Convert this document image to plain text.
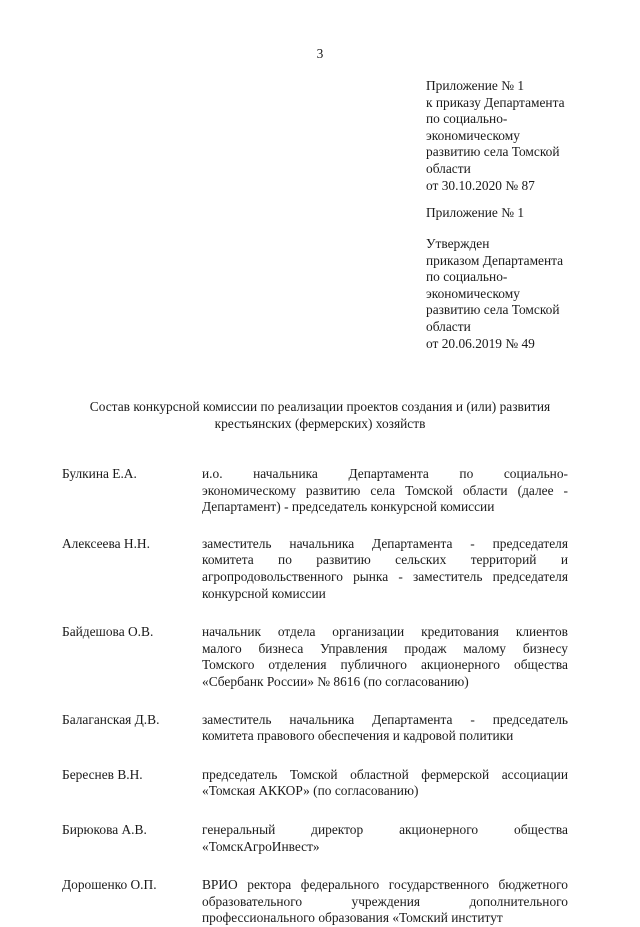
3
Приложение № 1
к приказу Департамента
по социально-
экономическому
развитию села Томской
области
от 30.10.2020 № 87
Приложение № 1
Утвержден
приказом Департамента
по социально-
экономическому
развитию села Томской
области
от 20.06.2019 № 49
Состав конкурсной комиссии по реализации проектов создания и (или) развития
крестьянских (фермерских) хозяйств
Булкина Е.А.	и.о. начальника Департамента по социально-
экономическому развитию села Томской области (далее -
Департамент) - председатель конкурсной комиссии
Алексеева Н.Н.	заместитель начальника Департамента - председателя
комитета по развитию сельских территорий и
агропродовольственного рынка - заместитель председателя
конкурсной комиссии
Байдешова О.В.	начальник отдела организации кредитования клиентов
малого бизнеса Управления продаж малому бизнесу
Томского отделения публичного акционерного общества
«Сбербанк России» № 8616 (по согласованию)
Балаганская Д.В.	заместитель начальника Департамента - председатель
комитета правового обеспечения и кадровой политики
Береснев В.Н.	председатель Томской областной фермерской ассоциации
«Томская АККОР» (по согласованию)
Бирюкова А.В.	генеральный директор акционерного общества
«ТомскАгроИнвест»
Дорошенко О.П.	ВРИО ректора федерального государственного бюджетного
образовательного учреждения дополнительного
профессионального образования «Томский институт
